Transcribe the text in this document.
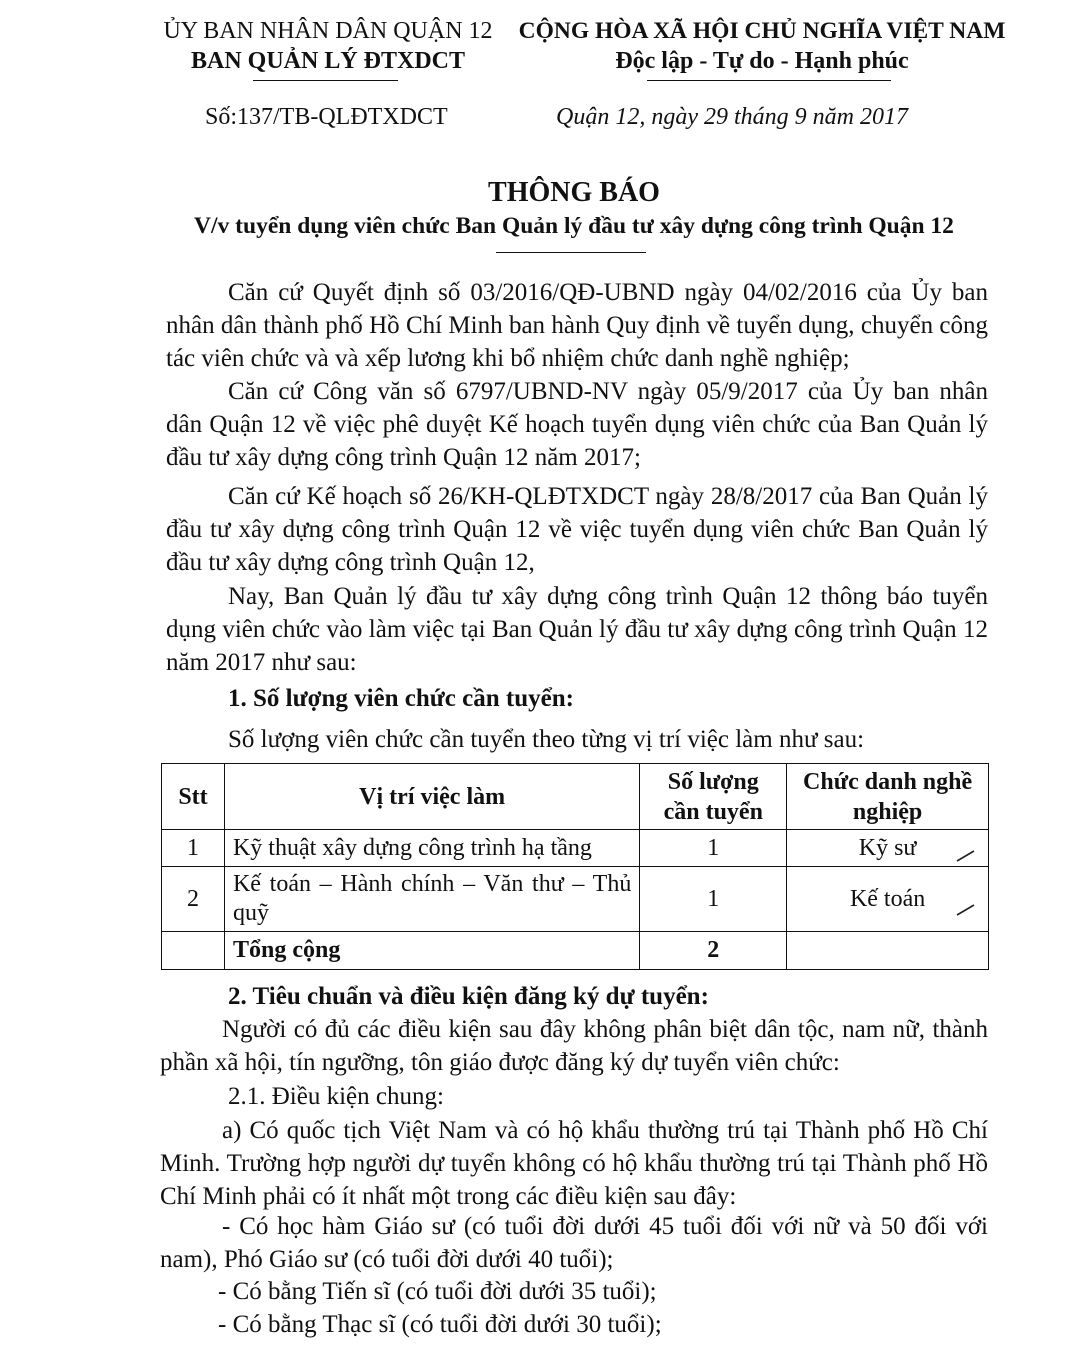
ỦY BAN NHÂN DÂN QUẬN 12
BAN QUẢN LÝ ĐTXDCT
CỘNG HÒA XÃ HỘI CHỦ NGHĨA VIỆT NAM
Độc lập - Tự do - Hạnh phúc
Số:137/TB-QLĐTXDCT	Quận 12, ngày 29 tháng 9 năm 2017
THÔNG BÁO
V/v tuyển dụng viên chức Ban Quản lý đầu tư xây dựng công trình Quận 12

Căn cứ Quyết định số 03/2016/QĐ-UBND ngày 04/02/2016 của Ủy ban nhân dân thành phố Hồ Chí Minh ban hành Quy định về tuyển dụng, chuyển công tác viên chức và và xếp lương khi bổ nhiệm chức danh nghề nghiệp;

Căn cứ Công văn số 6797/UBND-NV ngày 05/9/2017 của Ủy ban nhân dân Quận 12 về việc phê duyệt Kế hoạch tuyển dụng viên chức của Ban Quản lý đầu tư xây dựng công trình Quận 12 năm 2017;

Căn cứ Kế hoạch số 26/KH-QLĐTXDCT ngày 28/8/2017 của Ban Quản lý đầu tư xây dựng công trình Quận 12 về việc tuyển dụng viên chức Ban Quản lý đầu tư xây dựng công trình Quận 12,

Nay, Ban Quản lý đầu tư xây dựng công trình Quận 12 thông báo tuyển dụng viên chức vào làm việc tại Ban Quản lý đầu tư xây dựng công trình Quận 12 năm 2017 như sau:

1. Số lượng viên chức cần tuyển:
Số lượng viên chức cần tuyển theo từng vị trí việc làm như sau:
Stt	Vị trí việc làm	Số lượng cần tuyển	Chức danh nghề nghiệp
1	Kỹ thuật xây dựng công trình hạ tầng	1	Kỹ sư
2	Kế toán – Hành chính – Văn thư – Thủ quỹ	1	Kế toán
	Tổng cộng	2	
2. Tiêu chuẩn và điều kiện đăng ký dự tuyển:

Người có đủ các điều kiện sau đây không phân biệt dân tộc, nam nữ, thành phần xã hội, tín ngưỡng, tôn giáo được đăng ký dự tuyển viên chức:

2.1. Điều kiện chung:

a) Có quốc tịch Việt Nam và có hộ khẩu thường trú tại Thành phố Hồ Chí Minh. Trường hợp người dự tuyển không có hộ khẩu thường trú tại Thành phố Hồ Chí Minh phải có ít nhất một trong các điều kiện sau đây:

- Có học hàm Giáo sư (có tuổi đời dưới 45 tuổi đối với nữ và 50 đối với nam), Phó Giáo sư (có tuổi đời dưới 40 tuổi);

- Có bằng Tiến sĩ (có tuổi đời dưới 35 tuổi);
- Có bằng Thạc sĩ (có tuổi đời dưới 30 tuổi);
